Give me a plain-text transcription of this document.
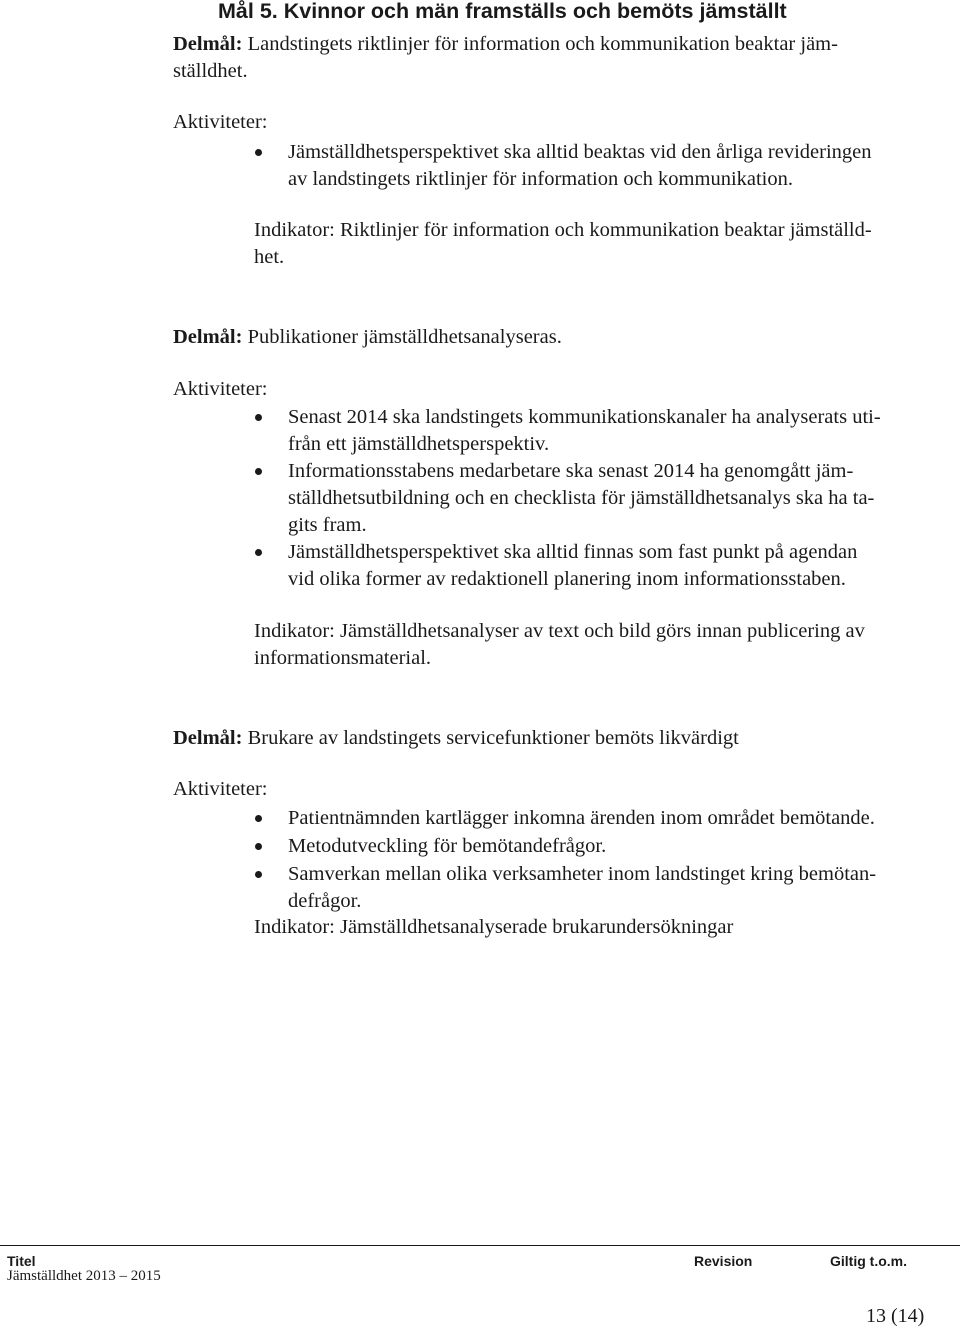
Mål 5. Kvinnor och män framställs och bemöts jämställt
Delmål: Landstingets riktlinjer för information och kommunikation beaktar jäm-
ställdhet.
Aktiviteter:
Jämställdhetsperspektivet ska alltid beaktas vid den årliga revideringen
av landstingets riktlinjer för information och kommunikation.
Indikator: Riktlinjer för information och kommunikation beaktar jämställd-
het.
Delmål: Publikationer jämställdhetsanalyseras.
Aktiviteter:
Senast 2014 ska landstingets kommunikationskanaler ha analyserats uti-
från ett jämställdhetsperspektiv.
Informationsstabens medarbetare ska senast 2014 ha genomgått jäm-
ställdhetsutbildning och en checklista för jämställdhetsanalys ska ha ta-
gits fram.
Jämställdhetsperspektivet ska alltid finnas som fast punkt på agendan
vid olika former av redaktionell planering inom informationsstaben.
Indikator: Jämställdhetsanalyser av text och bild görs innan publicering av
informationsmaterial.
Delmål: Brukare av landstingets servicefunktioner bemöts likvärdigt
Aktiviteter:
Patientnämnden kartlägger inkomna ärenden inom området bemötande.
Metodutveckling för bemötandefrågor.
Samverkan mellan olika verksamheter inom landstinget kring bemötan-
defrågor.
Indikator: Jämställdhetsanalyserade brukarundersökningar
Titel
Jämställdhet 2013 – 2015
Revision	Giltig t.o.m.
13 (14)
